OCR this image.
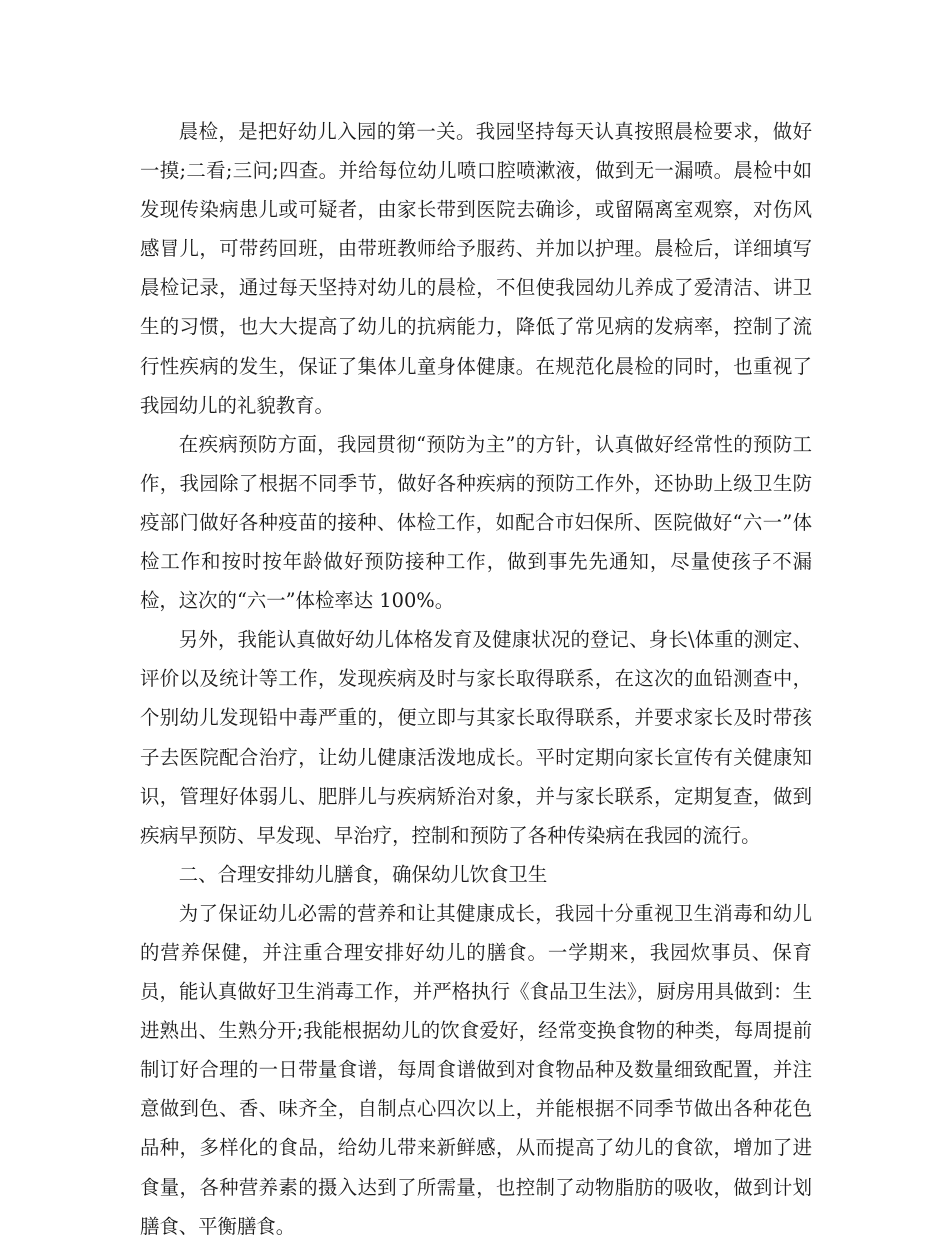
晨检，是把好幼儿入园的第一关。我园坚持每天认真按照晨检要求，做好一摸;二看;三问;四查。并给每位幼儿喷口腔喷漱液，做到无一漏喷。晨检中如发现传染病患儿或可疑者，由家长带到医院去确诊，或留隔离室观察，对伤风感冒儿，可带药回班，由带班教师给予服药、并加以护理。晨检后，详细填写晨检记录，通过每天坚持对幼儿的晨检，不但使我园幼儿养成了爱清洁、讲卫生的习惯，也大大提高了幼儿的抗病能力，降低了常见病的发病率，控制了流行性疾病的发生，保证了集体儿童身体健康。在规范化晨检的同时，也重视了我园幼儿的礼貌教育。

在疾病预防方面，我园贯彻“预防为主”的方针，认真做好经常性的预防工作，我园除了根据不同季节，做好各种疾病的预防工作外，还协助上级卫生防疫部门做好各种疫苗的接种、体检工作，如配合市妇保所、医院做好“六一”体检工作和按时按年龄做好预防接种工作，做到事先先通知，尽量使孩子不漏检，这次的“六一”体检率达 100%。

另外，我能认真做好幼儿体格发育及健康状况的登记、身长\体重的测定、评价以及统计等工作，发现疾病及时与家长取得联系，在这次的血铅测查中，个别幼儿发现铅中毒严重的，便立即与其家长取得联系，并要求家长及时带孩子去医院配合治疗，让幼儿健康活泼地成长。平时定期向家长宣传有关健康知识，管理好体弱儿、肥胖儿与疾病矫治对象，并与家长联系，定期复查，做到疾病早预防、早发现、早治疗，控制和预防了各种传染病在我园的流行。

二、合理安排幼儿膳食，确保幼儿饮食卫生

为了保证幼儿必需的营养和让其健康成长，我园十分重视卫生消毒和幼儿的营养保健，并注重合理安排好幼儿的膳食。一学期来，我园炊事员、保育员，能认真做好卫生消毒工作，并严格执行《食品卫生法》，厨房用具做到：生进熟出、生熟分开;我能根据幼儿的饮食爱好，经常变换食物的种类，每周提前制订好合理的一日带量食谱，每周食谱做到对食物品种及数量细致配置，并注意做到色、香、味齐全，自制点心四次以上，并能根据不同季节做出各种花色品种，多样化的食品，给幼儿带来新鲜感，从而提高了幼儿的食欲，增加了进食量，各种营养素的摄入达到了所需量，也控制了动物脂肪的吸收，做到计划膳食、平衡膳食。
